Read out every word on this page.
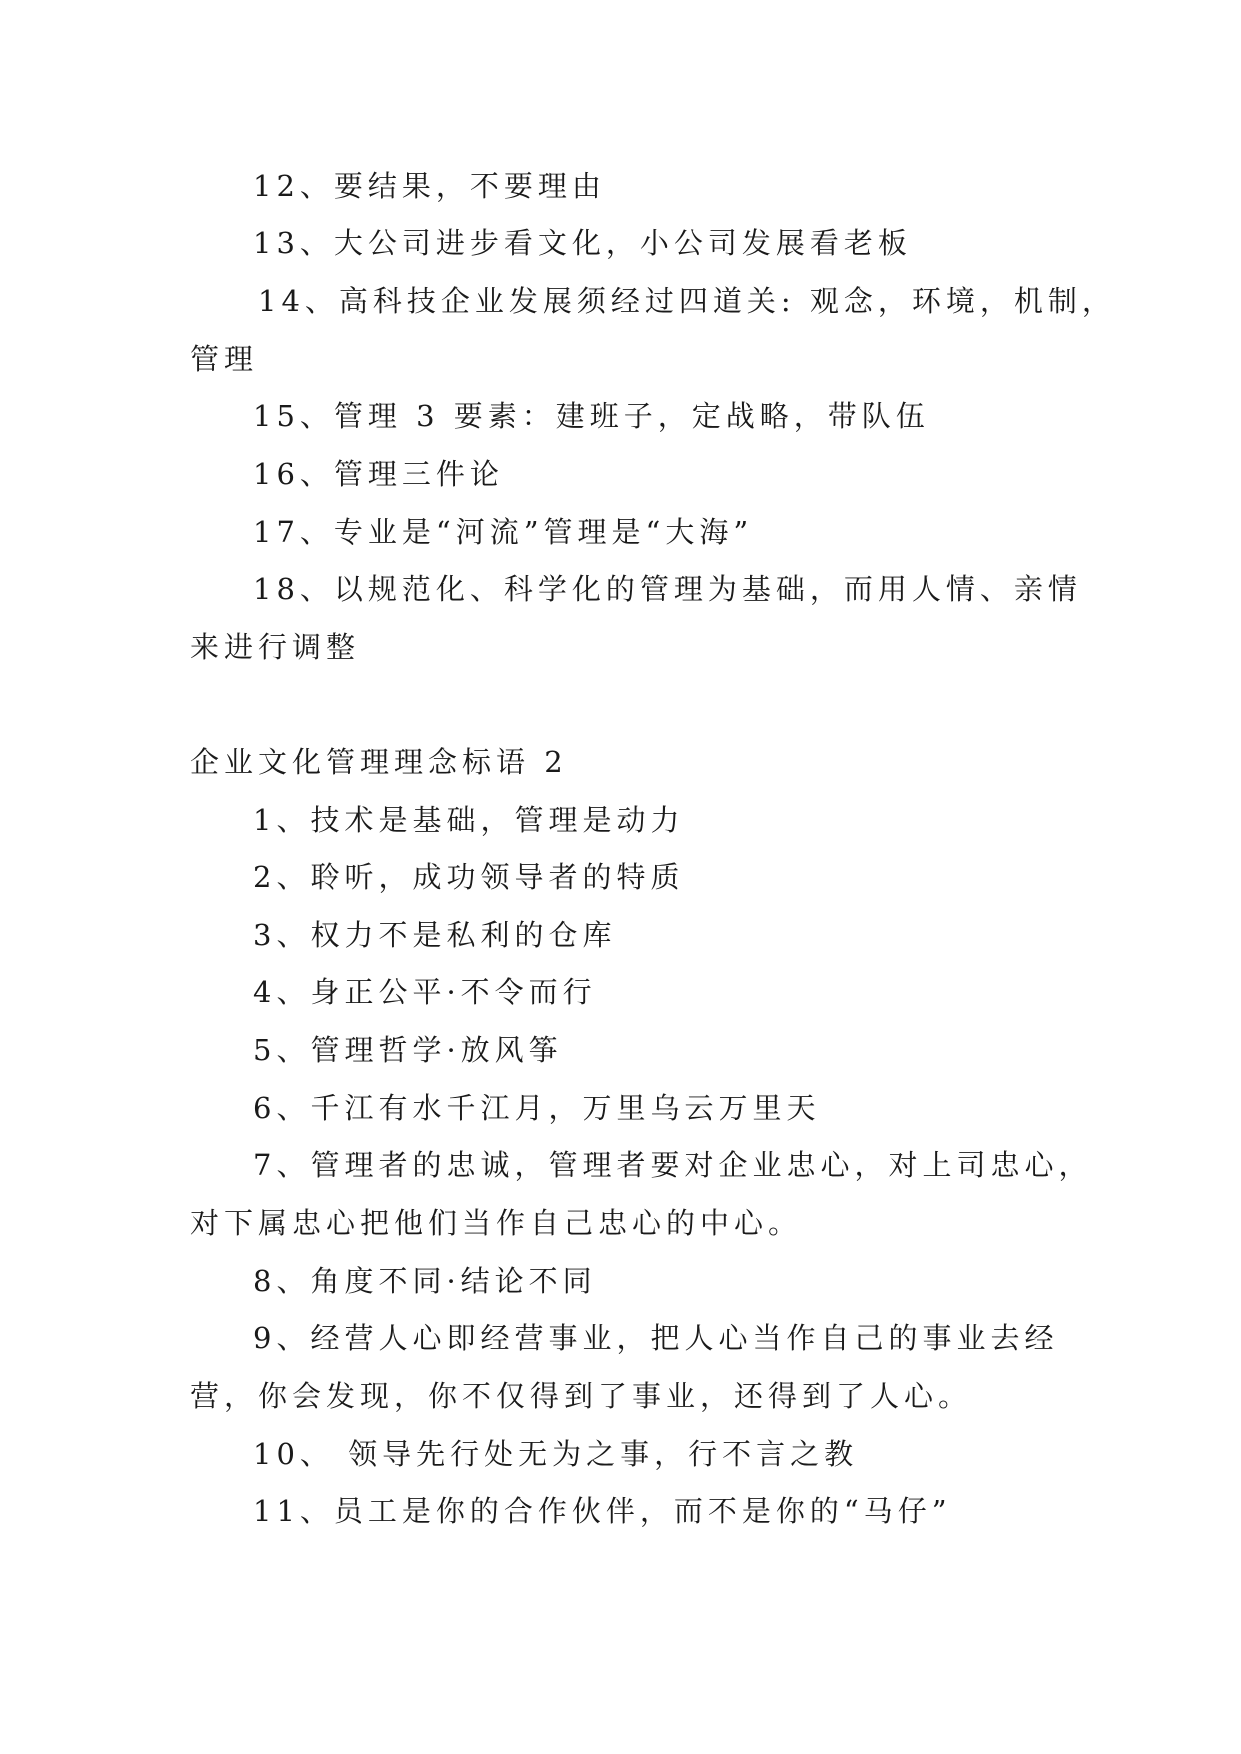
12、要结果，不要理由
13、大公司进步看文化，小公司发展看老板
14、高科技企业发展须经过四道关: 观念，环境，机制，
管理
15、管理 3 要素：建班子，定战略，带队伍
16、管理三件论
17、专业是“河流”管理是“大海”
18、以规范化、科学化的管理为基础，而用人情、亲情
来进行调整
企业文化管理理念标语 2
1、技术是基础，管理是动力
2、聆听，成功领导者的特质
3、权力不是私利的仓库
4、身正公平·不令而行
5、管理哲学·放风筝
6、千江有水千江月，万里乌云万里天
7、管理者的忠诚，管理者要对企业忠心，对上司忠心，
对下属忠心把他们当作自己忠心的中心。
8、角度不同·结论不同
9、经营人心即经营事业，把人心当作自己的事业去经
营，你会发现，你不仅得到了事业，还得到了人心。
10、 领导先行处无为之事，行不言之教
11、员工是你的合作伙伴，而不是你的“马仔”
